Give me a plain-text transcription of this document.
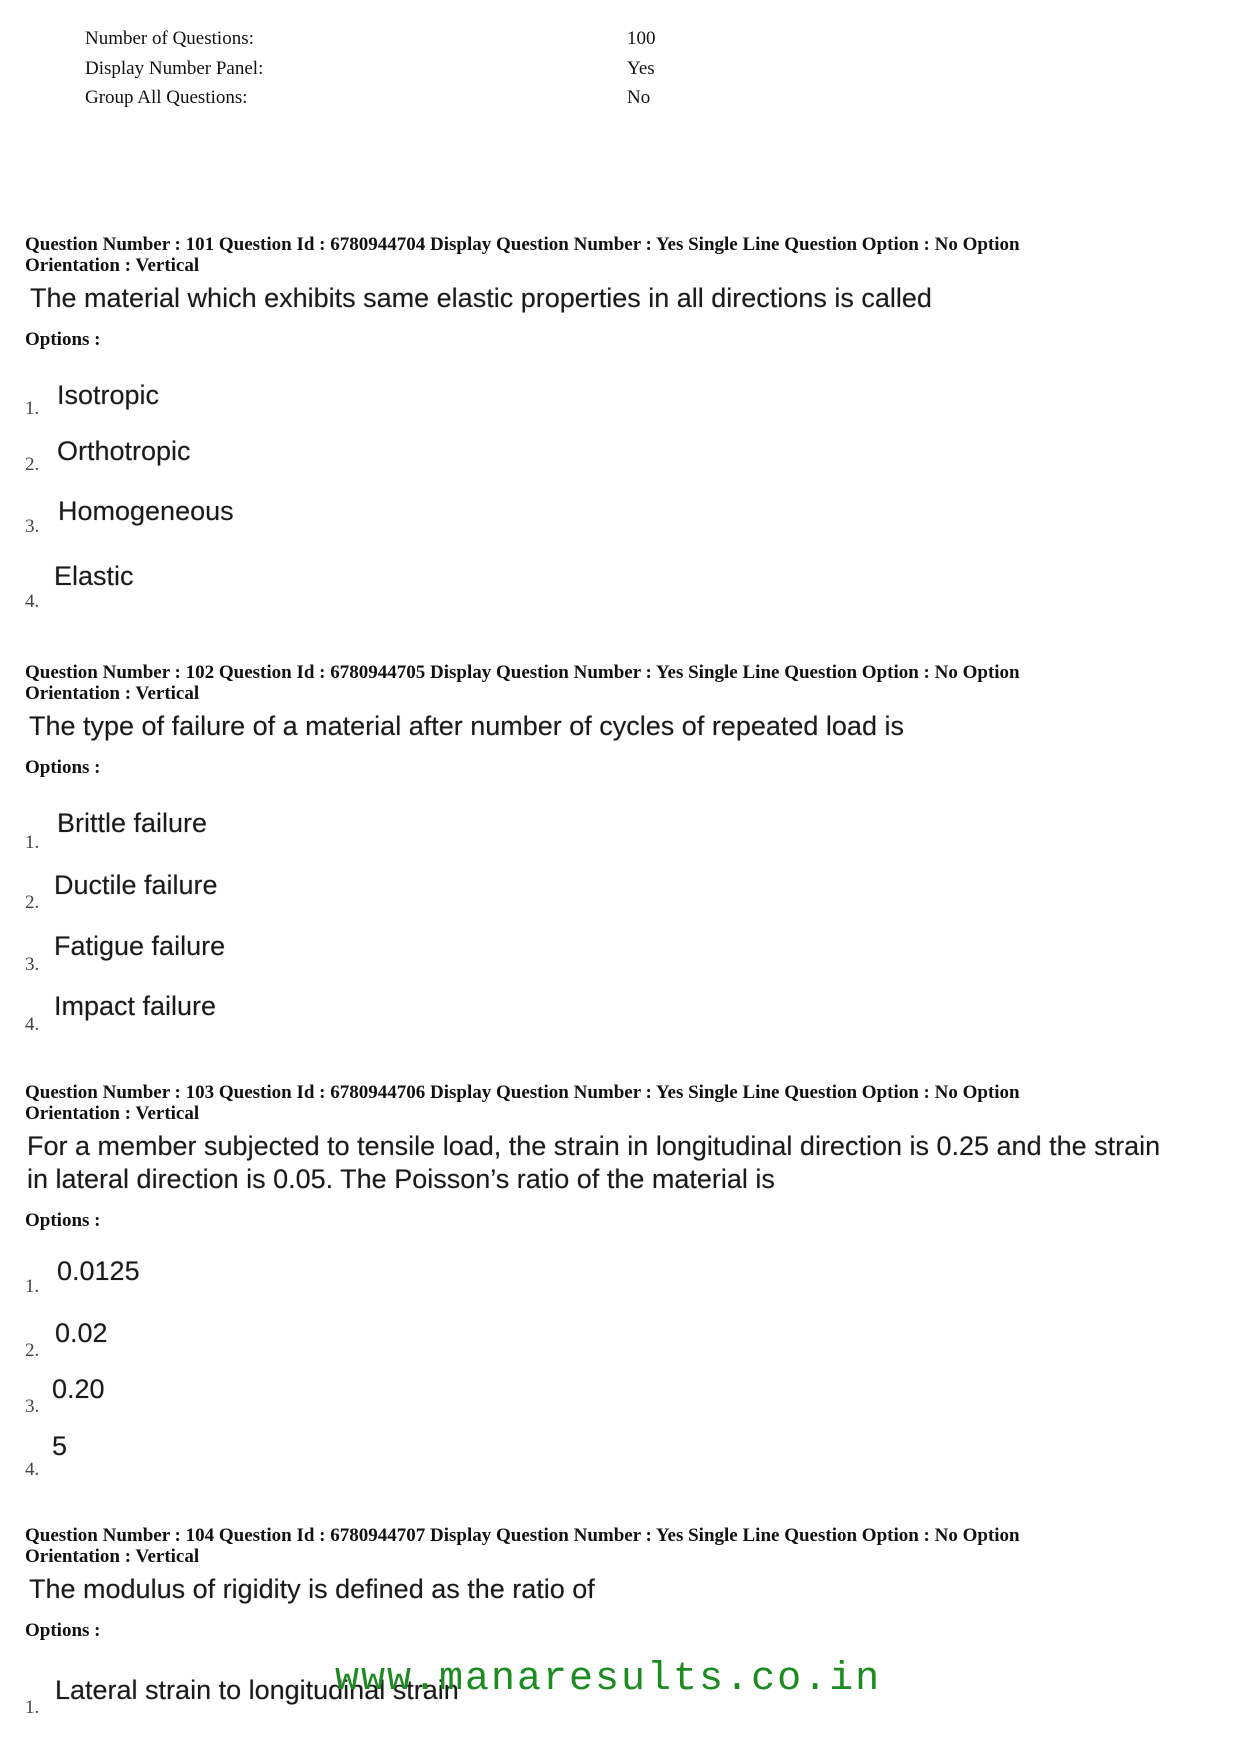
Number of Questions:	100
Display Number Panel:	Yes
Group All Questions:	No
Question Number : 101 Question Id : 6780944704 Display Question Number : Yes Single Line Question Option : No Option
Orientation : Vertical
The material which exhibits same elastic properties in all directions is called
Options :
1. Isotropic
2. Orthotropic
3.
Homogeneous
4.
Elastic
Question Number : 102 Question Id : 6780944705 Display Question Number : Yes Single Line Question Option : No Option
Orientation : Vertical
The type of failure of a material after number of cycles of repeated load is
Options :
1.
Brittle failure
2.
Ductile failure
3.
Fatigue failure
4.
Impact failure
Question Number : 103 Question Id : 6780944706 Display Question Number : Yes Single Line Question Option : No Option
Orientation : Vertical
For a member subjected to tensile load, the strain in longitudinal direction is 0.25 and the strain
in lateral direction is 0.05. The Poisson’s ratio of the material is
Options :
1.
0.0125
2.
0.02
3.
0.20
4.
5
Question Number : 104 Question Id : 6780944707 Display Question Number : Yes Single Line Question Option : No Option
Orientation : Vertical
The modulus of rigidity is defined as the ratio of
Options :
1.
Lateral strain to longitudinal strain
www.manaresults.co.in
